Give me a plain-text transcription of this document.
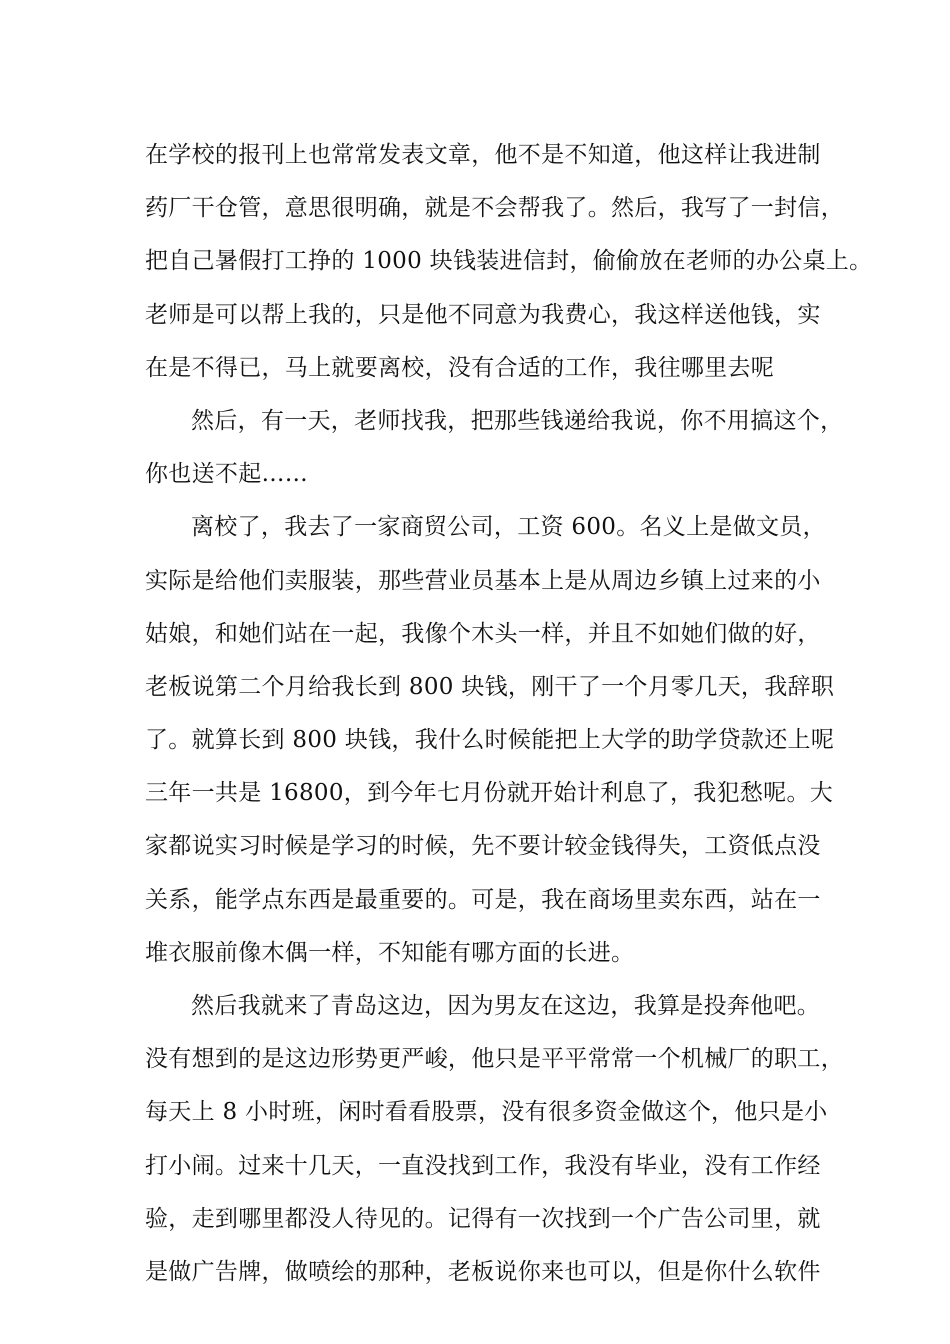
在学校的报刊上也常常发表文章，他不是不知道，他这样让我进制
药厂干仓管，意思很明确，就是不会帮我了。然后，我写了一封信，
把自己暑假打工挣的 1000 块钱装进信封，偷偷放在老师的办公桌上。
老师是可以帮上我的，只是他不同意为我费心，我这样送他钱，实
在是不得已，马上就要离校，没有合适的工作，我往哪里去呢
然后，有一天，老师找我，把那些钱递给我说，你不用搞这个，
你也送不起……
离校了，我去了一家商贸公司，工资 600。名义上是做文员，
实际是给他们卖服装，那些营业员基本上是从周边乡镇上过来的小
姑娘，和她们站在一起，我像个木头一样，并且不如她们做的好，
老板说第二个月给我长到 800 块钱，刚干了一个月零几天，我辞职
了。就算长到 800 块钱，我什么时候能把上大学的助学贷款还上呢
三年一共是 16800，到今年七月份就开始计利息了，我犯愁呢。大
家都说实习时候是学习的时候，先不要计较金钱得失，工资低点没
关系，能学点东西是最重要的。可是，我在商场里卖东西，站在一
堆衣服前像木偶一样，不知能有哪方面的长进。
然后我就来了青岛这边，因为男友在这边，我算是投奔他吧。
没有想到的是这边形势更严峻，他只是平平常常一个机械厂的职工，
每天上 8 小时班，闲时看看股票，没有很多资金做这个，他只是小
打小闹。过来十几天，一直没找到工作，我没有毕业，没有工作经
验，走到哪里都没人待见的。记得有一次找到一个广告公司里，就
是做广告牌，做喷绘的那种，老板说你来也可以，但是你什么软件
